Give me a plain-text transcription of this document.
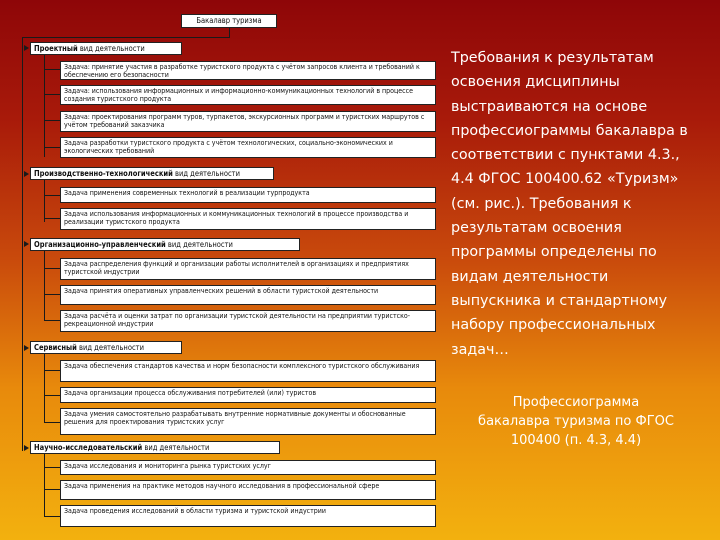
Бакалавр туризма
Проектный вид деятельности
Задача: принятие участия в разработке туристского продукта с учётом запросов клиента и требований к обеспечению его безопасности
Задача: использования информационных и информационно-коммуникационных технологий в процессе создания туристского продукта
Задача: проектирования программ туров, турпакетов, экскурсионных программ и туристских маршрутов с учётом требований заказчика
Задача разработки туристского продукта с учётом технологических, социально-экономических и экологических требований
Производственно-технологический вид деятельности
Задача применения современных технологий в реализации турпродукта
Задача использования информационных и коммуникационных технологий в процессе производства и реализации туристского продукта
Организационно-управленческий вид деятельности
Задача распределения функций и организации работы исполнителей в организациях и предприятиях туристской индустрии
Задача принятия оперативных управленческих решений в области туристской деятельности
Задача расчёта и оценки затрат по организации туристской деятельности на предприятии туристско-рекреационной индустрии
Сервисный вид деятельности
Задача обеспечения стандартов качества и норм безопасности комплексного туристского обслуживания
Задача организации процесса обслуживания потребителей (или) туристов
Задача умения самостоятельно разрабатывать внутренние нормативные документы и обоснованные решения для проектирования туристских услуг
Научно-исследовательский вид деятельности
Задача исследования и мониторинга рынка туристских услуг
Задача применения на практике методов научного исследования в профессиональной сфере
Задача проведения исследований в области туризма и туристской индустрии
Требования к результатам освоения дисциплины выстраиваются на основе профессиограммы бакалавра в соответствии с пунктами 4.3., 4.4 ФГОС 100400.62 «Туризм» (см. рис.). Требования к результатам освоения программы определены по видам деятельности выпускника и стандартному набору профессиональных задач…
Профессиограмма бакалавра туризма по ФГОС 100400 (п. 4.3, 4.4)
